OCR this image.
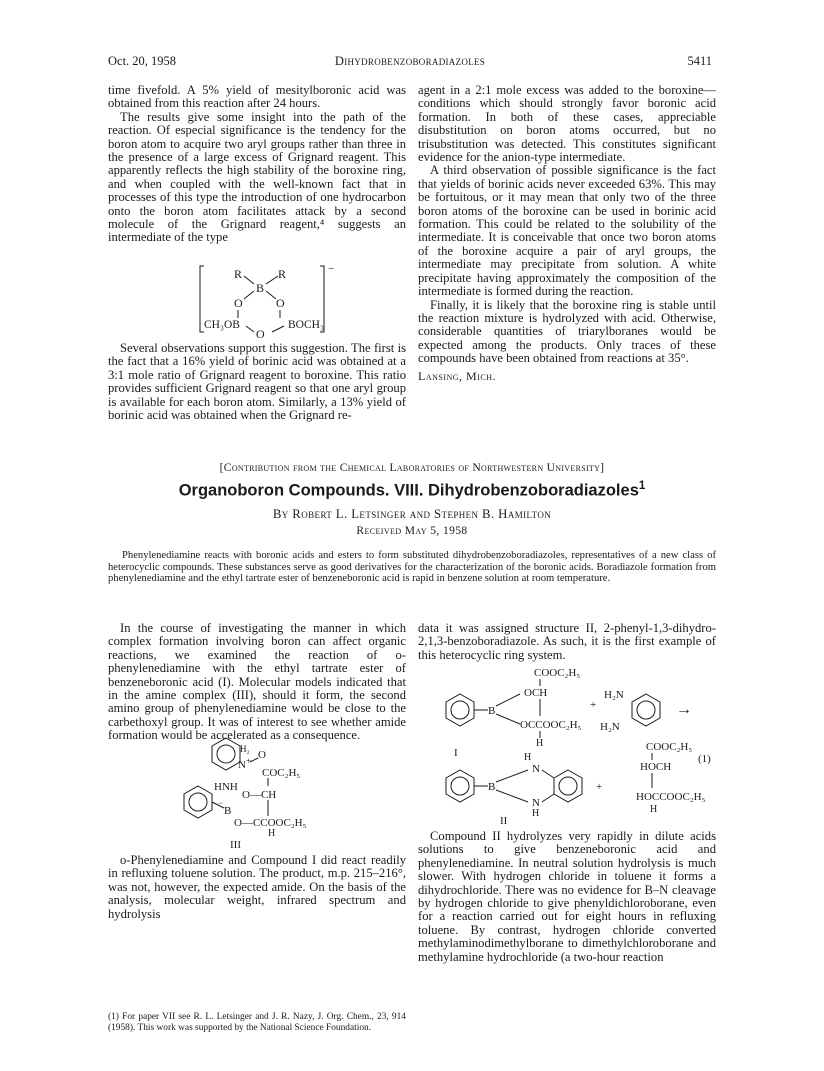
Oct. 20, 1958	Dihydrobenzoboradiazoles	5411

time fivefold. A 5% yield of mesitylboronic acid was obtained from this reaction after 24 hours.

The results give some insight into the path of the reaction. Of especial significance is the tendency for the boron atom to acquire two aryl groups rather than three in the presence of a large excess of Grignard reagent. This apparently reflects the high stability of the boroxine ring, and when coupled with the well-known fact that in processes of this type the introduction of one hydrocarbon onto the boron atom facilitates attack by a second molecule of the Grignard reagent,⁴ suggests an intermediate of the type

−
R	R
B
O	O
CH₃OB	BOCH₃
O

Several observations support this suggestion. The first is the fact that a 16% yield of borinic acid was obtained at a 3:1 mole ratio of Grignard reagent to boroxine. This ratio provides sufficient Grignard reagent so that one aryl group is available for each boron atom. Similarly, a 13% yield of borinic acid was obtained when the Grignard re-

agent in a 2:1 mole excess was added to the boroxine—conditions which should strongly favor boronic acid formation. In both of these cases, appreciable disubstitution on boron atoms occurred, but no trisubstitution was detected. This constitutes significant evidence for the anion-type intermediate.

A third observation of possible significance is the fact that yields of borinic acids never exceeded 63%. This may be fortuitous, or it may mean that only two of the three boron atoms of the boroxine can be used in borinic acid formation. This could be related to the solubility of the intermediate. It is conceivable that once two boron atoms of the boroxine acquire a pair of aryl groups, the intermediate may precipitate from solution. A white precipitate having approximately the composition of the intermediate is formed during the reaction.

Finally, it is likely that the boroxine ring is stable until the reaction mixture is hydrolyzed with acid. Otherwise, considerable quantities of triarylboranes would be expected among the products. Only traces of these compounds have been obtained from reactions at 35°.

Lansing, Mich.

[Contribution from the Chemical Laboratories of Northwestern University]
Organoboron Compounds. VIII. Dihydrobenzoboradiazoles$^1$
By Robert L. Letsinger and Stephen B. Hamilton
Received May 5, 1958

Phenylenediamine reacts with boronic acids and esters to form substituted dihydrobenzoboradiazoles, representatives of a new class of heterocyclic compounds. These substances serve as good derivatives for the characterization of the boronic acids. Boradiazole formation from phenylenediamine and the ethyl tartrate ester of benzeneboronic acid is rapid in benzene solution at room temperature.

In the course of investigating the manner in which complex formation involving boron can affect organic reactions, we examined the reaction of o-phenylenediamine with the ethyl tartrate ester of benzeneboronic acid (I). Molecular models indicated that in the amine complex (III), should it form, the second amino group of phenylenediamine would be close to the carbethoxyl group. It was of interest to see whether amide formation would be accelerated as a consequence.

H₂
+
N
O
COC₂H₅
HNH
O—CH
B
−
O—CCOOC₂H₅
H
III

o-Phenylenediamine and Compound I did react readily in refluxing toluene solution. The product, m.p. 215–216°, was not, however, the expected amide. On the basis of the analysis, molecular weight, infrared spectrum and hydrolysis

(1) For paper VII see R. L. Letsinger and J. R. Nazy, J. Org. Chem., 23, 914 (1958). This work was supported by the National Science Foundation.

data it was assigned structure II, 2-phenyl-1,3-dihydro-2,1,3-benzoboradiazole. As such, it is the first example of this heterocyclic ring system.

COOC₂H₅
OCH
B
OCCOOC₂H₅
H
I
+
H₂N
H₂N
→
COOC₂H₅
(1)
HOCH
HOCCOOC₂H₅
H
H
N
B
N
H
+
II

Compound II hydrolyzes very rapidly in dilute acids solutions to give benzeneboronic acid and phenylenediamine. In neutral solution hydrolysis is much slower. With hydrogen chloride in toluene it forms a dihydrochloride. There was no evidence for B–N cleavage by hydrogen chloride to give phenyldichloroborane, even for a reaction carried out for eight hours in refluxing toluene. By contrast, hydrogen chloride converted methylaminodimethylborane to dimethylchloroborane and methylamine hydrochloride (a two-hour reaction
